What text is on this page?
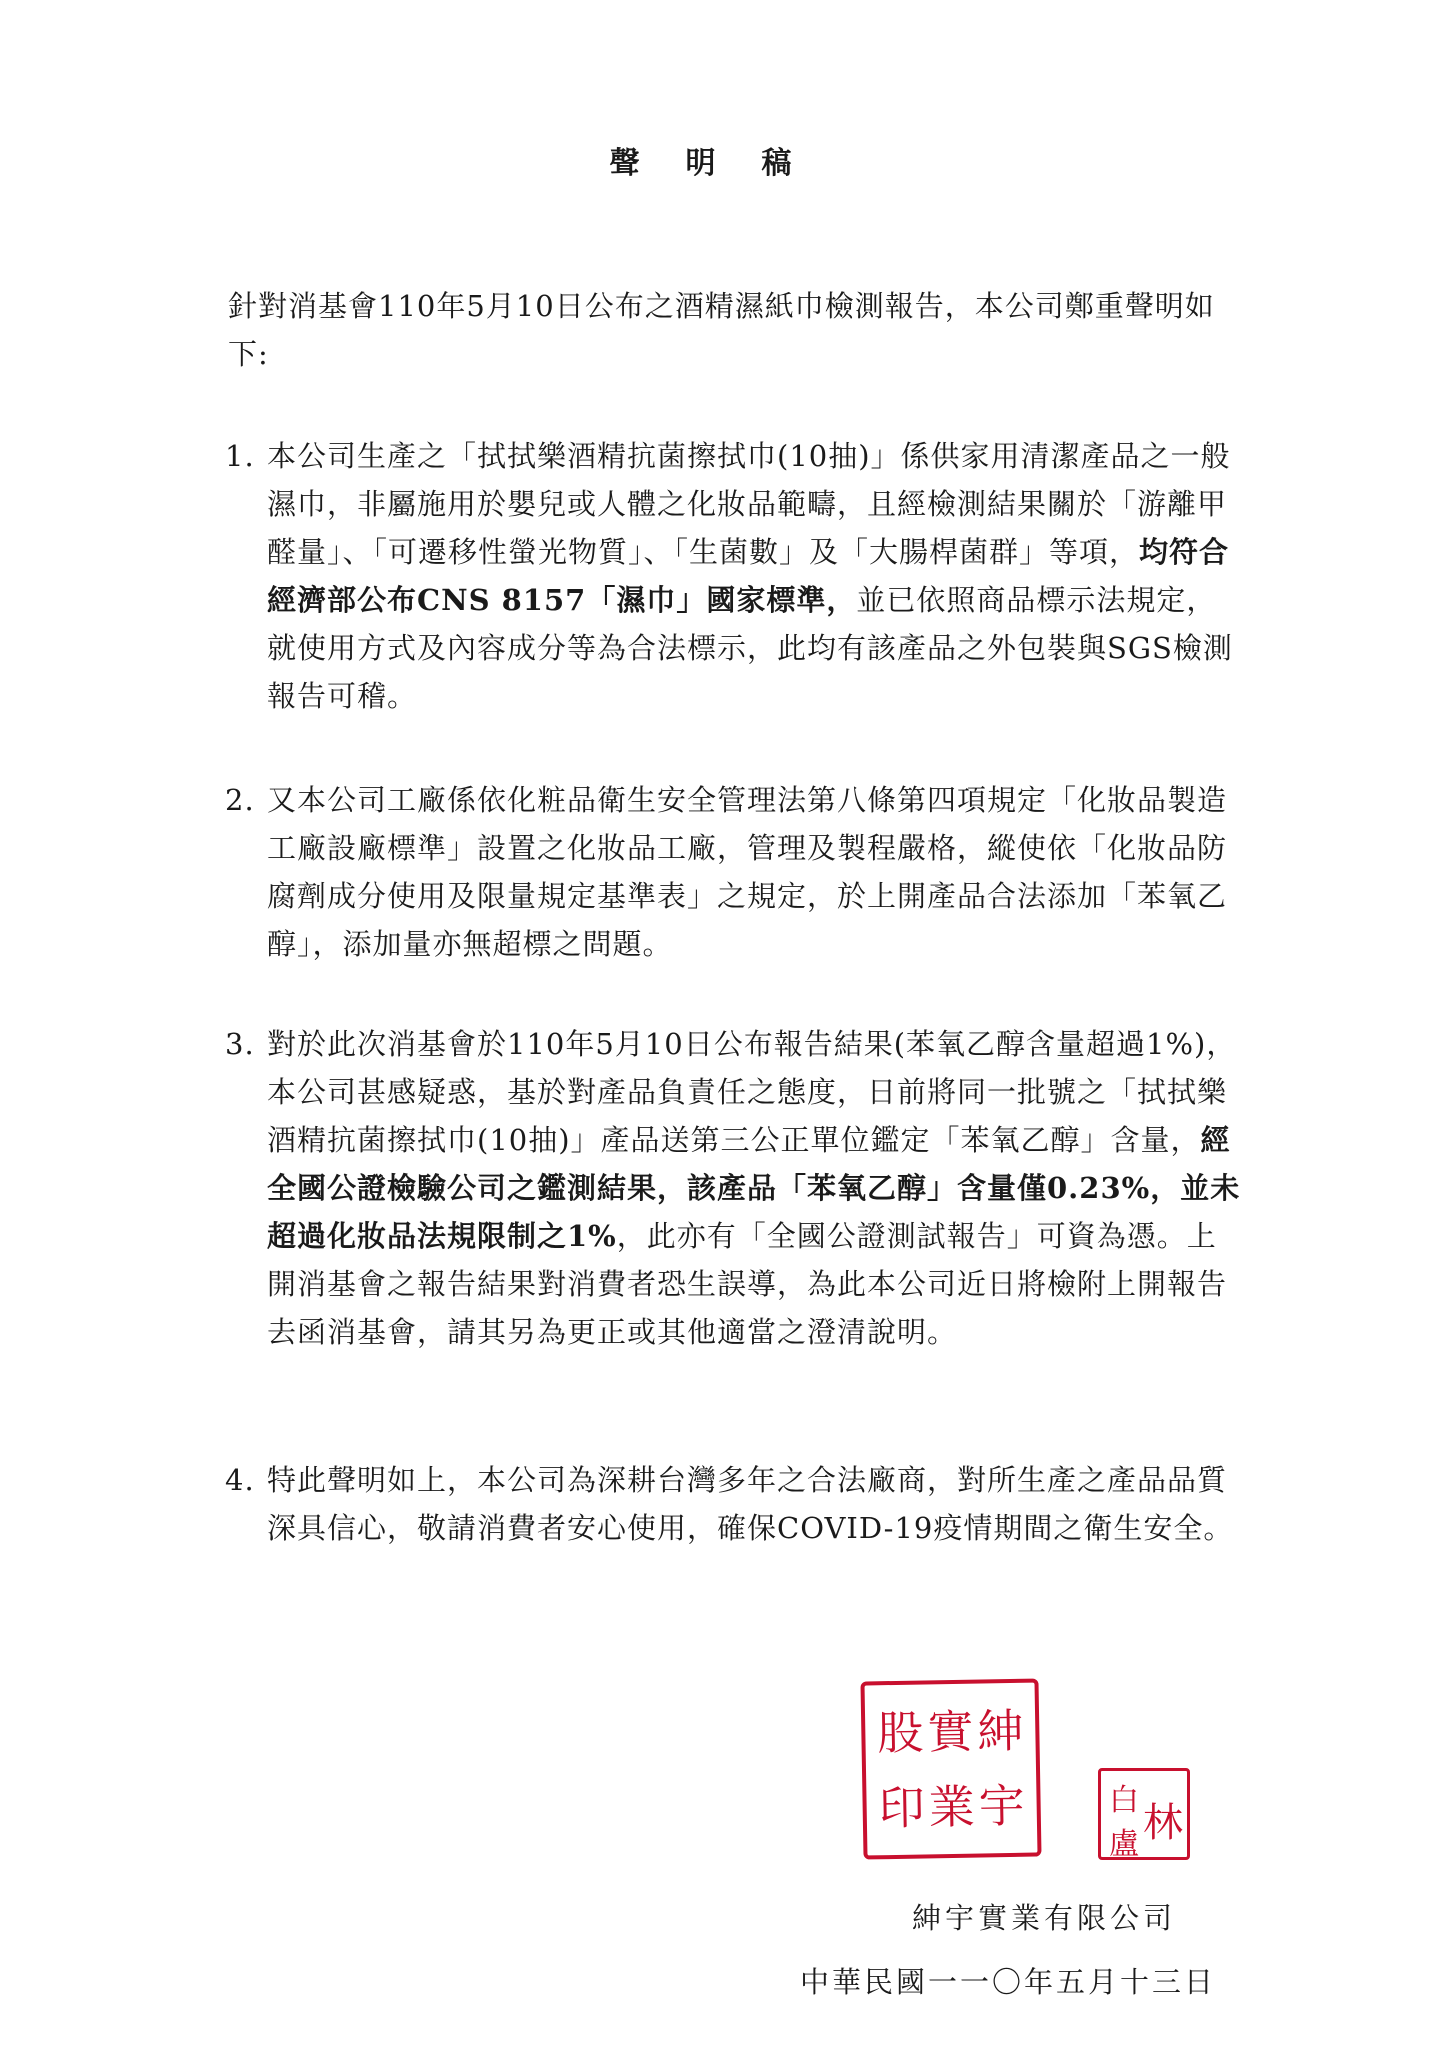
聲明稿
針對消基會110年5月10日公布之酒精濕紙巾檢測報告，本公司鄭重聲明如下:
1. 本公司生產之「拭拭樂酒精抗菌擦拭巾(10抽)」係供家用清潔產品之一般濕巾，非屬施用於嬰兒或人體之化妝品範疇，且經檢測結果關於「游離甲醛量」、「可遷移性螢光物質」、「生菌數」及「大腸桿菌群」等項，均符合經濟部公布CNS 8157「濕巾」國家標準，並已依照商品標示法規定，就使用方式及內容成分等為合法標示，此均有該產品之外包裝與SGS檢測報告可稽。
2. 又本公司工廠係依化粧品衛生安全管理法第八條第四項規定「化妝品製造工廠設廠標準」設置之化妝品工廠，管理及製程嚴格，縱使依「化妝品防腐劑成分使用及限量規定基準表」之規定，於上開產品合法添加「苯氧乙醇」，添加量亦無超標之問題。
3. 對於此次消基會於110年5月10日公布報告結果(苯氧乙醇含量超過1%)，本公司甚感疑惑，基於對產品負責任之態度，日前將同一批號之「拭拭樂酒精抗菌擦拭巾(10抽)」產品送第三公正單位鑑定「苯氧乙醇」含量，經全國公證檢驗公司之鑑測結果，該產品「苯氧乙醇」含量僅0.23%，並未超過化妝品法規限制之1%，此亦有「全國公證測試報告」可資為憑。上開消基會之報告結果對消費者恐生誤導，為此本公司近日將檢附上開報告去函消基會，請其另為更正或其他適當之澄清說明。
4. 特此聲明如上，本公司為深耕台灣多年之合法廠商，對所生產之產品品質深具信心，敬請消費者安心使用，確保COVID-19疫情期間之衛生安全。
股 實 紳
印 業 宇	白 林
盧
紳宇實業有限公司
中華民國一一〇年五月十三日
